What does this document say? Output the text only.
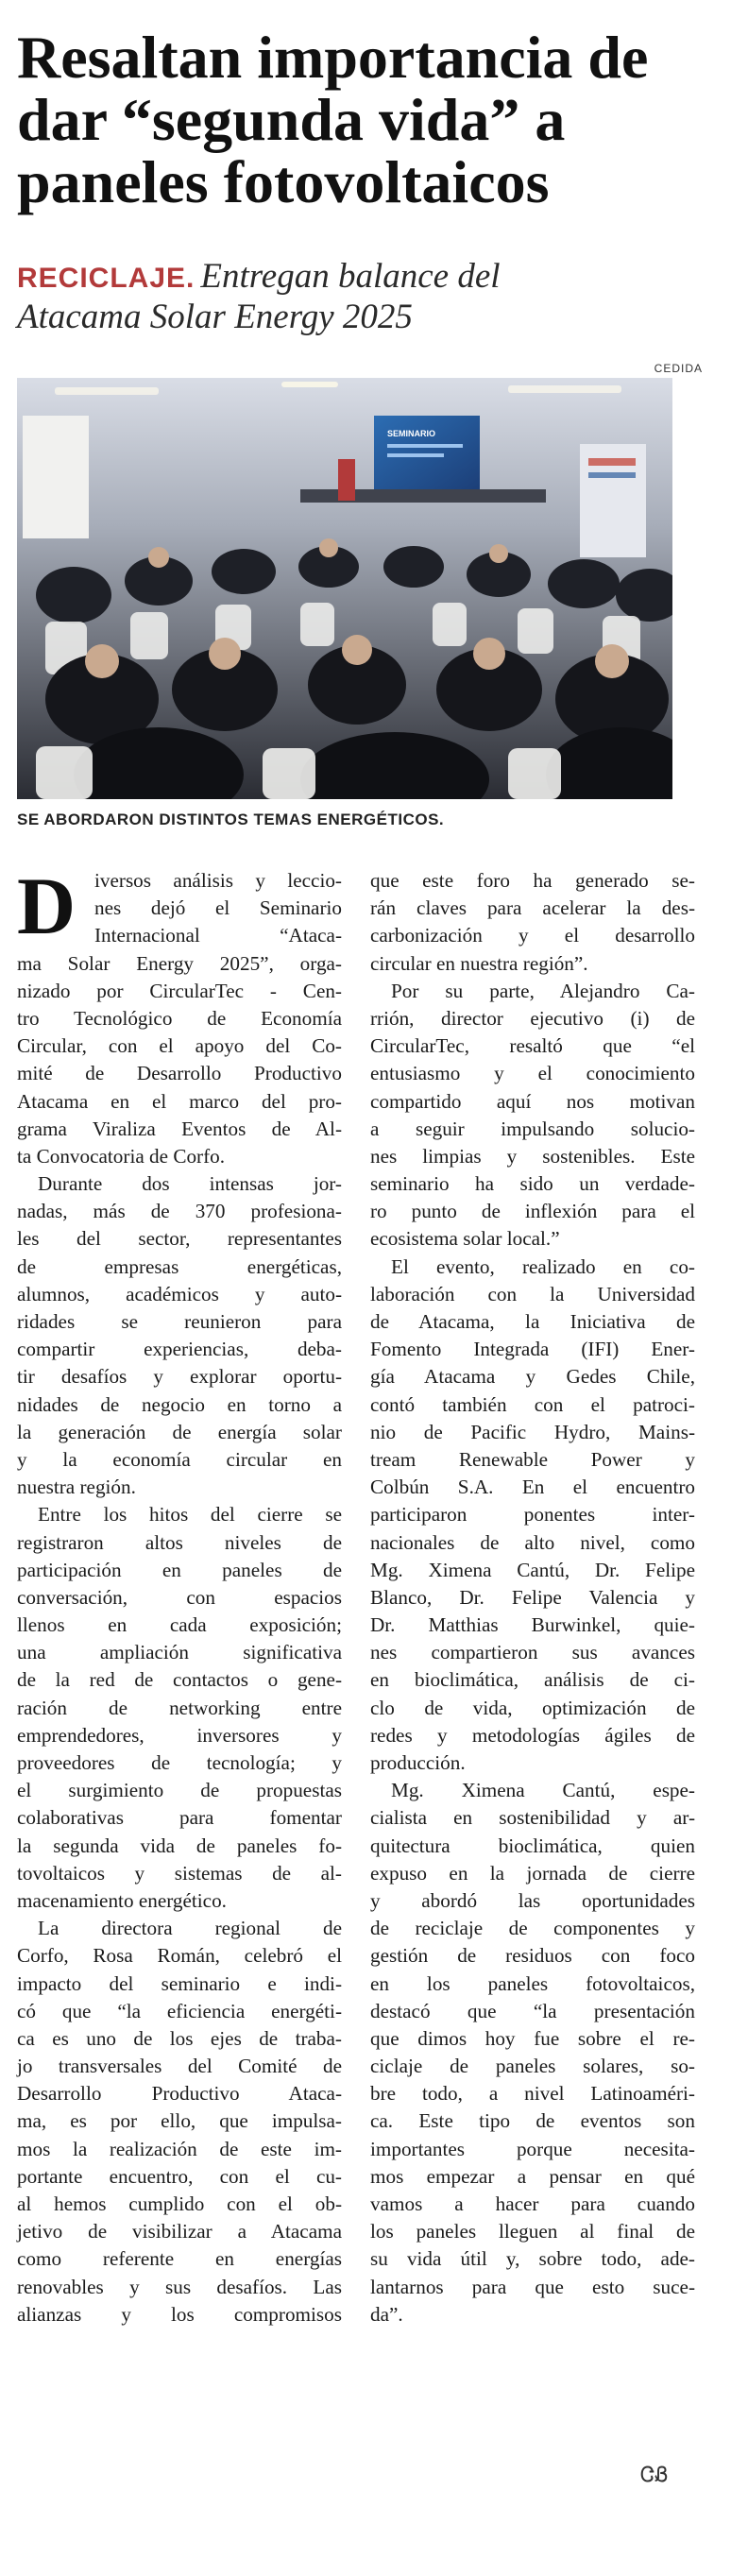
Resaltan importancia de
dar “segunda vida” a
paneles fotovoltaicos
RECICLAJE. Entregan balance del
Atacama Solar Energy 2025
CEDIDA
SEMINARIO
SE ABORDARON DISTINTOS TEMAS ENERGÉTICOS.
D iversos análisis y leccio-
nes dejó el Seminario
Internacional “Ataca-
ma Solar Energy 2025”, orga-
nizado por CircularTec - Cen-
tro Tecnológico de Economía
Circular, con el apoyo del Co-
mité de Desarrollo Productivo
Atacama en el marco del pro-
grama Viraliza Eventos de Al-
ta Convocatoria de Corfo.
Durante dos intensas jor-
nadas, más de 370 profesiona-
les del sector, representantes
de empresas energéticas,
alumnos, académicos y auto-
ridades se reunieron para
compartir experiencias, deba-
tir desafíos y explorar oportu-
nidades de negocio en torno a
la generación de energía solar
y la economía circular en
nuestra región.
Entre los hitos del cierre se
registraron altos niveles de
participación en paneles de
conversación, con espacios
llenos en cada exposición;
una ampliación significativa
de la red de contactos o gene-
ración de networking entre
emprendedores, inversores y
proveedores de tecnología; y
el surgimiento de propuestas
colaborativas para fomentar
la segunda vida de paneles fo-
tovoltaicos y sistemas de al-
macenamiento energético.
La directora regional de
Corfo, Rosa Román, celebró el
impacto del seminario e indi-
có que “la eficiencia energéti-
ca es uno de los ejes de traba-
jo transversales del Comité de
Desarrollo Productivo Ataca-
ma, es por ello, que impulsa-
mos la realización de este im-
portante encuentro, con el cu-
al hemos cumplido con el ob-
jetivo de visibilizar a Atacama
como referente en energías
renovables y sus desafíos. Las
alianzas y los compromisos
que este foro ha generado se-
rán claves para acelerar la des-
carbonización y el desarrollo
circular en nuestra región”.
Por su parte, Alejandro Ca-
rrión, director ejecutivo (i) de
CircularTec, resaltó que “el
entusiasmo y el conocimiento
compartido aquí nos motivan
a seguir impulsando solucio-
nes limpias y sostenibles. Este
seminario ha sido un verdade-
ro punto de inflexión para el
ecosistema solar local.”
El evento, realizado en co-
laboración con la Universidad
de Atacama, la Iniciativa de
Fomento Integrada (IFI) Ener-
gía Atacama y Gedes Chile,
contó también con el patroci-
nio de Pacific Hydro, Mains-
tream Renewable Power y
Colbún S.A. En el encuentro
participaron ponentes inter-
nacionales de alto nivel, como
Mg. Ximena Cantú, Dr. Felipe
Blanco, Dr. Felipe Valencia y
Dr. Matthias Burwinkel, quie-
nes compartieron sus avances
en bioclimática, análisis de ci-
clo de vida, optimización de
redes y metodologías ágiles de
producción.
Mg. Ximena Cantú, espe-
cialista en sostenibilidad y ar-
quitectura bioclimática, quien
expuso en la jornada de cierre
y abordó las oportunidades
de reciclaje de componentes y
gestión de residuos con foco
en los paneles fotovoltaicos,
destacó que “la presentación
que dimos hoy fue sobre el re-
ciclaje de paneles solares, so-
bre todo, a nivel Latinoaméri-
ca. Este tipo de eventos son
importantes porque necesita-
mos empezar a pensar en qué
vamos a hacer para cuando
los paneles lleguen al final de
su vida útil y, sobre todo, ade-
lantarnos para que esto suce-
da”.
ᏣᏰ
